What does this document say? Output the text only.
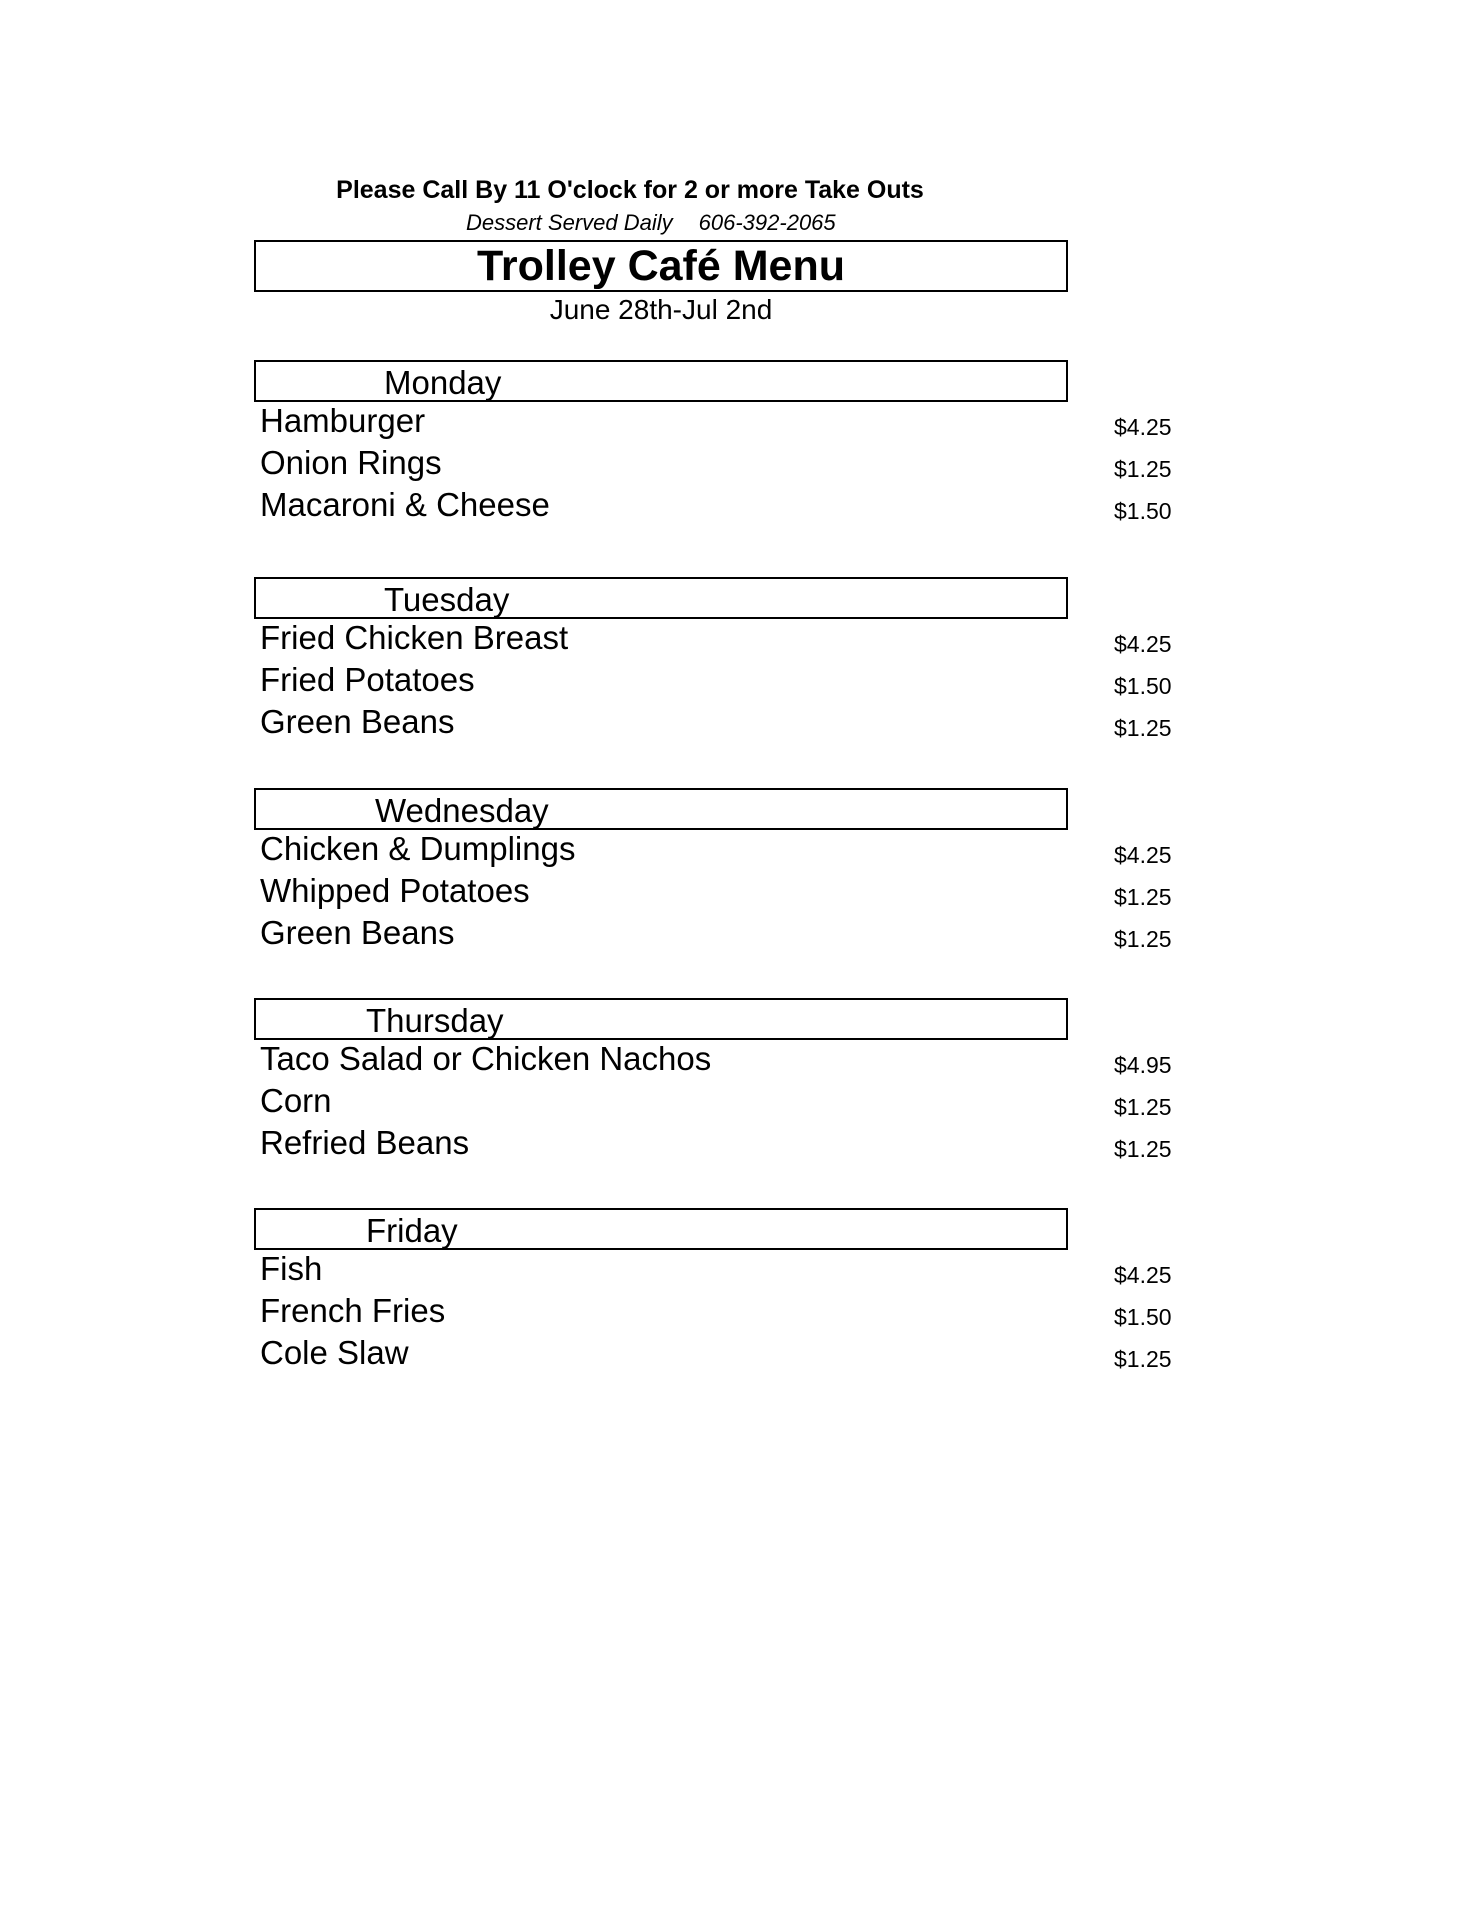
Please Call By 11 O'clock for 2 or more Take Outs
Dessert Served Daily 606-392-2065
Trolley Café Menu
June 28th-Jul 2nd
Monday
Hamburger	$4.25
Onion Rings	$1.25
Macaroni & Cheese	$1.50
Tuesday
Fried Chicken Breast	$4.25
Fried Potatoes	$1.50
Green Beans	$1.25
Wednesday
Chicken & Dumplings	$4.25
Whipped Potatoes	$1.25
Green Beans	$1.25
Thursday
Taco Salad or Chicken Nachos	$4.95
Corn	$1.25
Refried Beans	$1.25
Friday
Fish	$4.25
French Fries	$1.50
Cole Slaw	$1.25
